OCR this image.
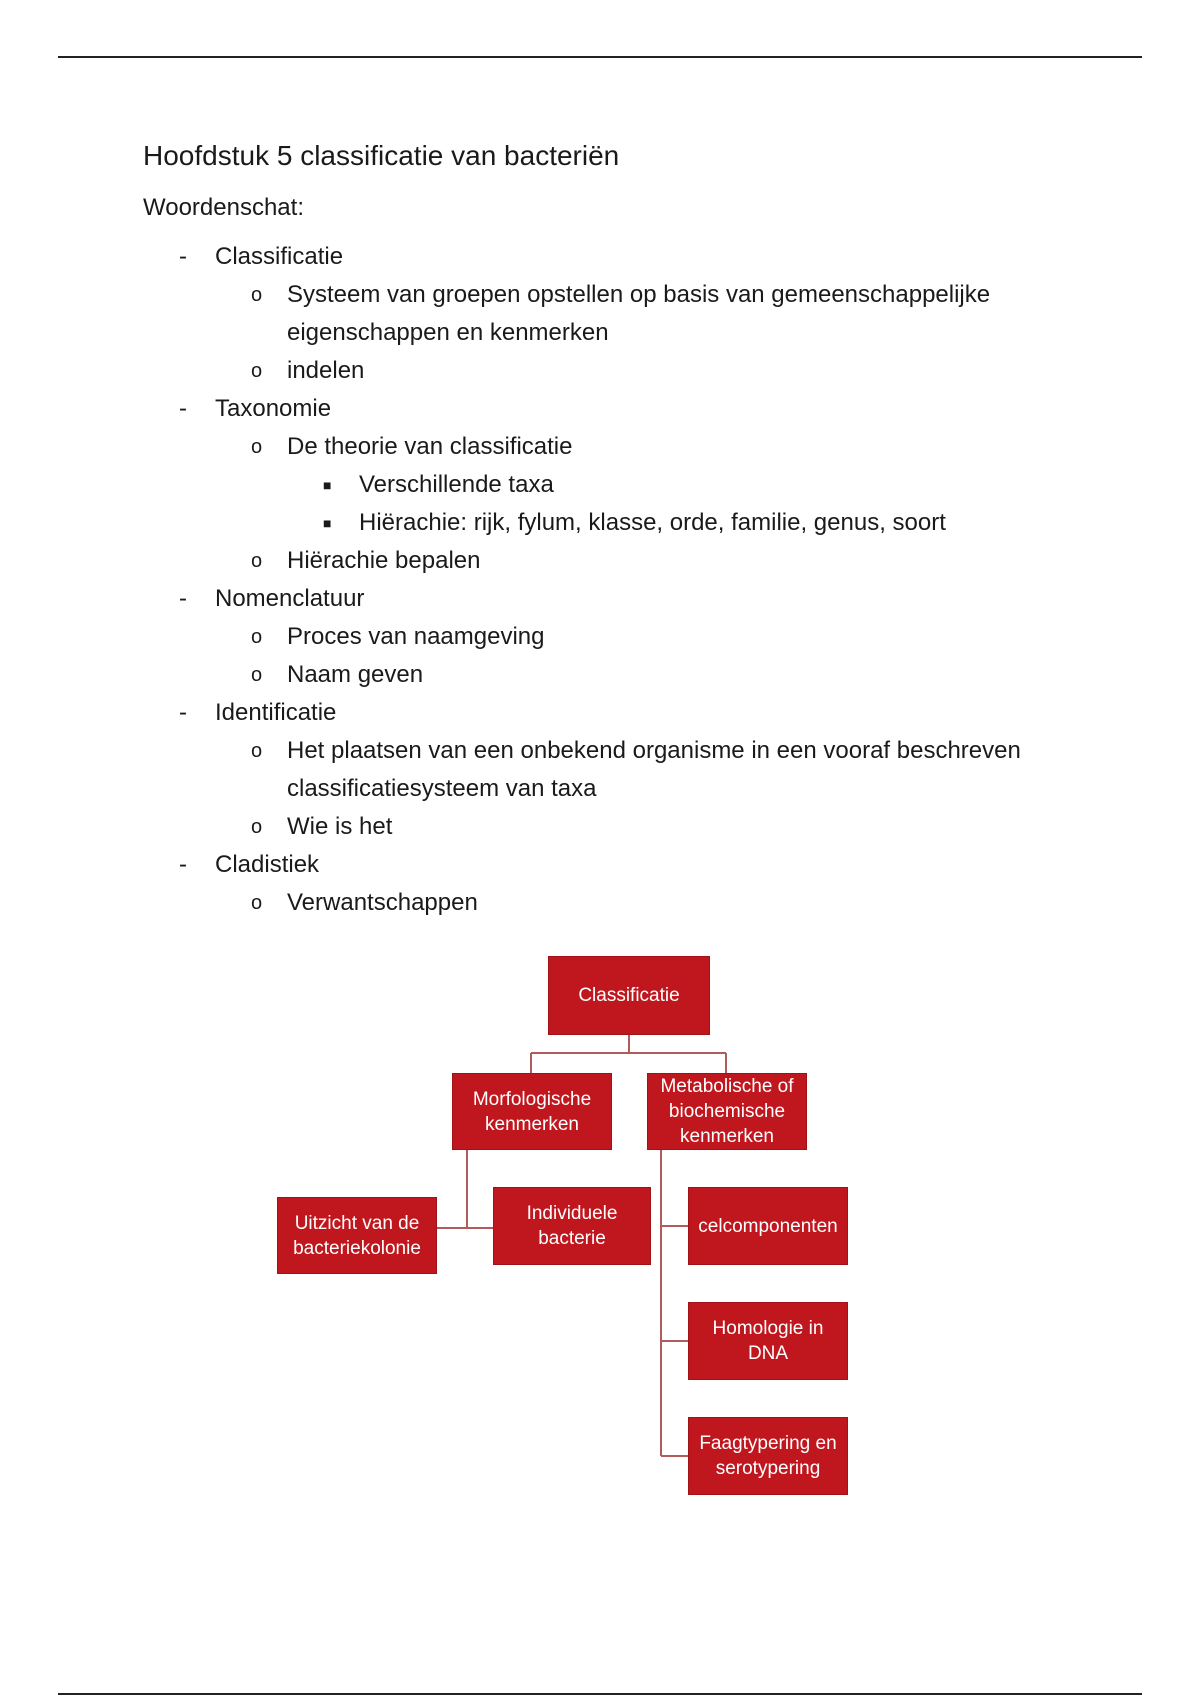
Hoofdstuk 5 classificatie van bacteriën
Woordenschat:
- Classificatie
o Systeem van groepen opstellen op basis van gemeenschappelijke eigenschappen en kenmerken
o indelen
- Taxonomie
o De theorie van classificatie
■ Verschillende taxa
■ Hiërachie: rijk, fylum, klasse, orde, familie, genus, soort
o Hiërachie bepalen
- Nomenclatuur
o Proces van naamgeving
o Naam geven
- Identificatie
o Het plaatsen van een onbekend organisme in een vooraf beschreven classificatiesysteem van taxa
o Wie is het
- Cladistiek
o Verwantschappen
Classificatie
Morfologische kenmerken
Metabolische of biochemische kenmerken
Uitzicht van de bacteriekolonie
Individuele bacterie
celcomponenten
Homologie in DNA
Faagtypering en serotypering
